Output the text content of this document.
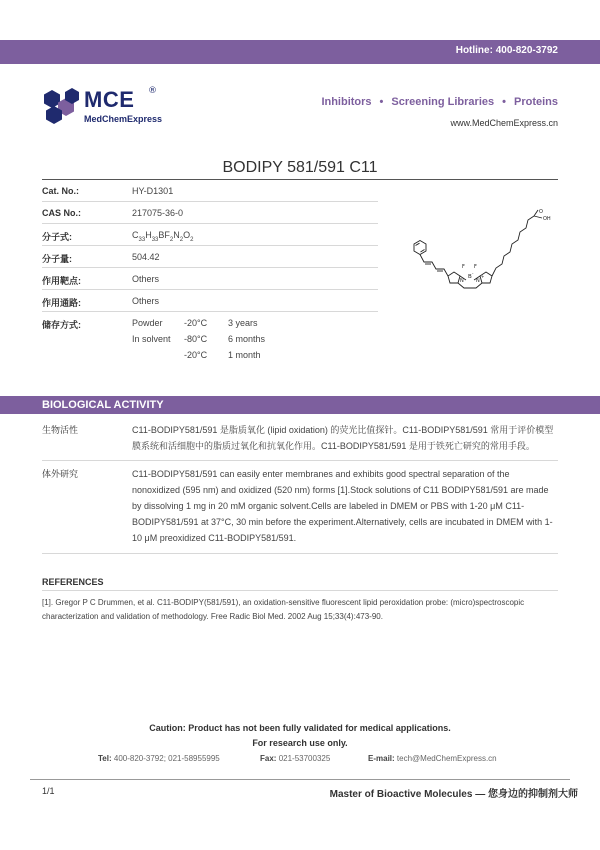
Hotline: 400-820-3792
MCE ®
MedChemExpress
Inhibitors • Screening Libraries • Proteins
www.MedChemExpress.cn
BODIPY 581/591 C11
Cat. No.:	HY-D1301
CAS No.:	217075-36-0
分子式:	$C_{33}H_{33}BF_2N_2O_2$
分子量:	504.42
作用靶点:	Others
作用通路:	Others
储存方式:	Powder -20°C 3 years
In solvent -80°C 6 months
-20°C 1 month
O
OH
F F
B
-
N N
+
BIOLOGICAL ACTIVITY
生物活性	C11-BODIPY581/591 是脂质氧化 (lipid oxidation) 的荧光比值探针。C11-BODIPY581/591 常用于评价模型膜系统和活细胞中的脂质过氧化和抗氧化作用。C11-BODIPY581/591 是用于铁死亡研究的常用手段。
体外研究	C11-BODIPY581/591 can easily enter membranes and exhibits good spectral separation of the nonoxidized (595 nm) and oxidized (520 nm) forms [1].Stock solutions of C11 BODIPY581/591 are made by dissolving 1 mg in 20 mM organic solvent.Cells are labeled in DMEM or PBS with 1-20 μM C11-BODIPY581/591 at 37°C, 30 min before the experiment.Alternatively, cells are incubated in DMEM with 1-10 μM preoxidized C11-BODIPY581/591.
REFERENCES
[1]. Gregor P C Drummen, et al. C11-BODIPY(581/591), an oxidation-sensitive fluorescent lipid peroxidation probe: (micro)spectroscopic characterization and validation of methodology. Free Radic Biol Med. 2002 Aug 15;33(4):473-90.
Caution: Product has not been fully validated for medical applications.
For research use only.
Tel: 400-820-3792; 021-58955995	Fax: 021-53700325	E-mail: tech@MedChemExpress.cn
1/1	Master of Bioactive Molecules — 您身边的抑制剂大师
